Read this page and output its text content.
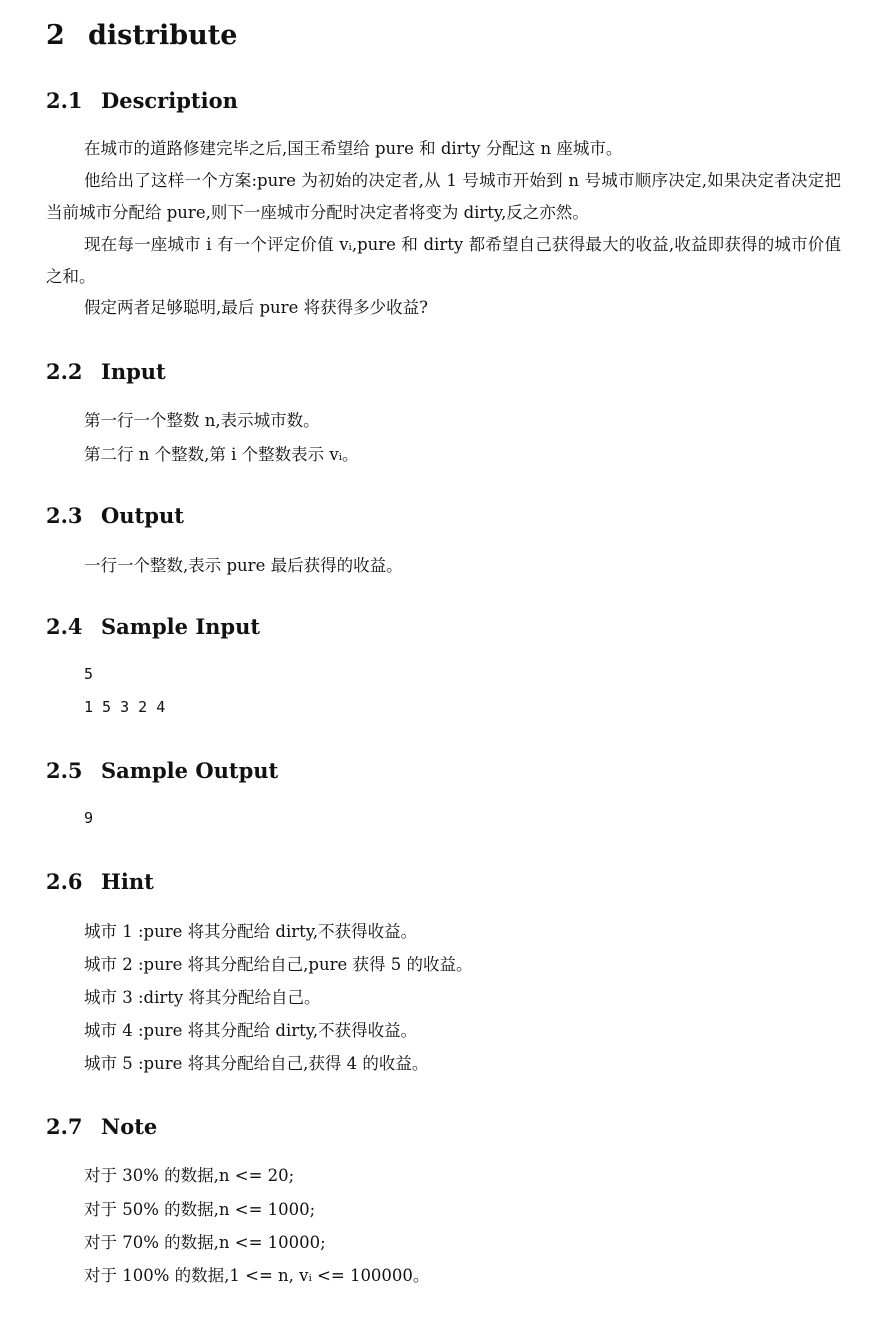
2 distribute
2.1 Description
在城市的道路修建完毕之后,国王希望给 pure 和 dirty 分配这 n 座城市。
他给出了这样一个方案:pure 为初始的决定者,从 1 号城市开始到 n 号城市顺序决定,如果决定者决定把当前城市分配给 pure,则下一座城市分配时决定者将变为 dirty,反之亦然。
现在每一座城市 i 有一个评定价值 vᵢ,pure 和 dirty 都希望自己获得最大的收益,收益即获得的城市价值之和。
假定两者足够聪明,最后 pure 将获得多少收益?
2.2 Input
第一行一个整数 n,表示城市数。
第二行 n 个整数,第 i 个整数表示 vᵢ。
2.3 Output
一行一个整数,表示 pure 最后获得的收益。
2.4 Sample Input
5
1 5 3 2 4
2.5 Sample Output
9
2.6 Hint
城市 1 :pure 将其分配给 dirty,不获得收益。
城市 2 :pure 将其分配给自己,pure 获得 5 的收益。
城市 3 :dirty 将其分配给自己。
城市 4 :pure 将其分配给 dirty,不获得收益。
城市 5 :pure 将其分配给自己,获得 4 的收益。
2.7 Note
对于 30% 的数据,n <= 20;
对于 50% 的数据,n <= 1000;
对于 70% 的数据,n <= 10000;
对于 100% 的数据,1 <= n, vᵢ <= 100000。
